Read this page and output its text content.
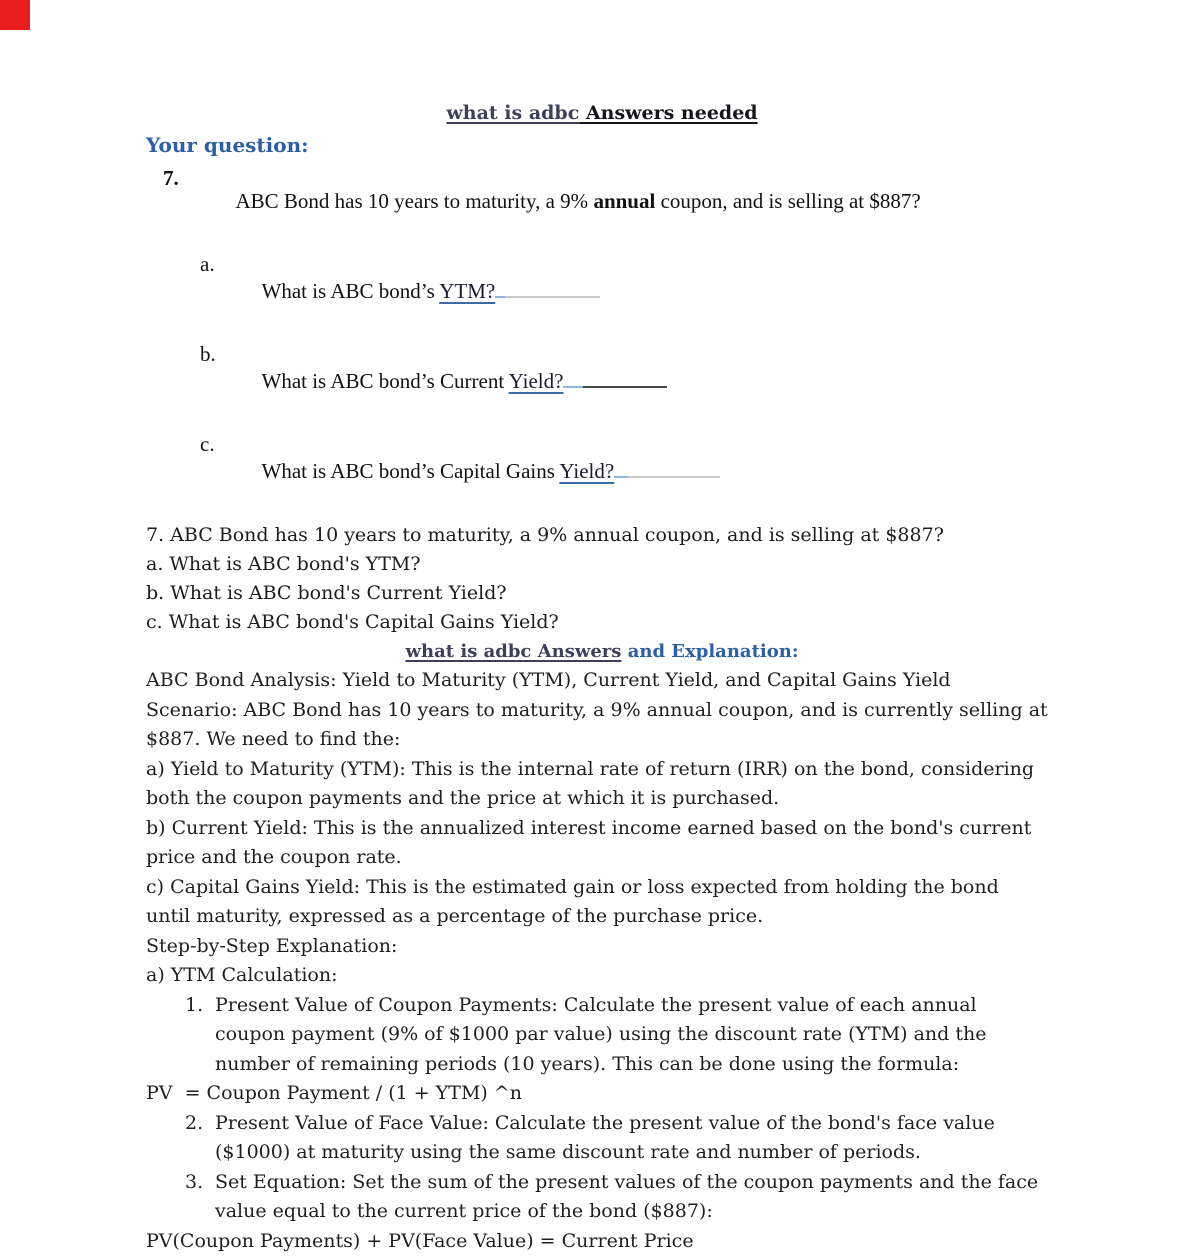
what is adbc Answers needed
Your question:

7.
ABC Bond has 10 years to maturity, a 9% annual coupon, and is selling at $887?

a.
What is ABC bond’s YTM?

b.
What is ABC bond’s Current Yield?

c.
What is ABC bond’s Capital Gains Yield?

7. ABC Bond has 10 years to maturity, a 9% annual coupon, and is selling at $887?
a. What is ABC bond's YTM?
b. What is ABC bond's Current Yield?
c. What is ABC bond's Capital Gains Yield?
what is adbc Answers and Explanation:
ABC Bond Analysis: Yield to Maturity (YTM), Current Yield, and Capital Gains Yield
Scenario: ABC Bond has 10 years to maturity, a 9% annual coupon, and is currently selling at
$887. We need to find the:
a) Yield to Maturity (YTM): This is the internal rate of return (IRR) on the bond, considering
both the coupon payments and the price at which it is purchased.
b) Current Yield: This is the annualized interest income earned based on the bond's current
price and the coupon rate.
c) Capital Gains Yield: This is the estimated gain or loss expected from holding the bond
until maturity, expressed as a percentage of the purchase price.
Step-by-Step Explanation:
a) YTM Calculation:
1. Present Value of Coupon Payments: Calculate the present value of each annual
coupon payment (9% of $1000 par value) using the discount rate (YTM) and the
number of remaining periods (10 years). This can be done using the formula:
PV  = Coupon Payment / (1 + YTM) ^n
2. Present Value of Face Value: Calculate the present value of the bond's face value
($1000) at maturity using the same discount rate and number of periods.
3. Set Equation: Set the sum of the present values of the coupon payments and the face
value equal to the current price of the bond ($887):
PV(Coupon Payments) + PV(Face Value) = Current Price
